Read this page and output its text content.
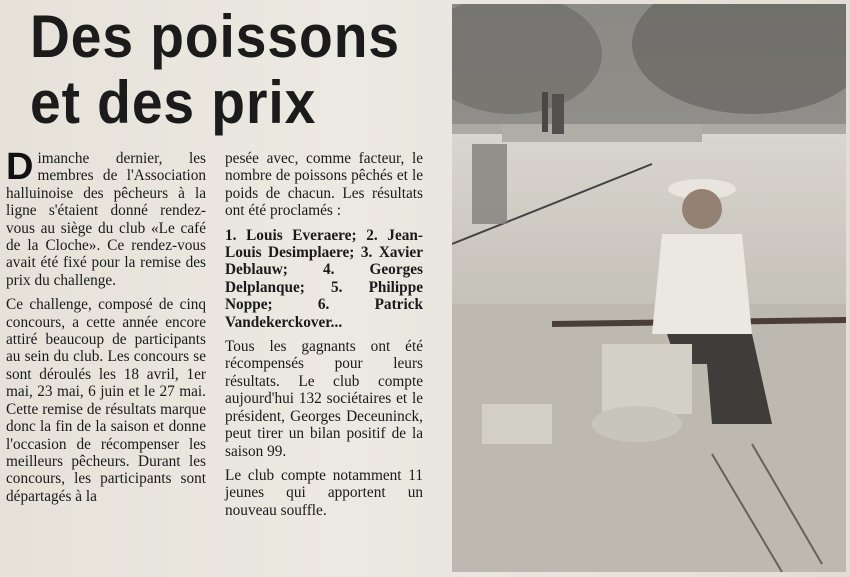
Des poissons
et des prix

D imanche dernier, les membres de l'Association halluinoise des pêcheurs à la ligne s'étaient donné rendez-vous au siège du club «Le café de la Cloche». Ce rendez-vous avait été fixé pour la remise des prix du challenge.

Ce challenge, composé de cinq concours, a cette année encore attiré beaucoup de participants au sein du club. Les concours se sont déroulés les 18 avril, 1er mai, 23 mai, 6 juin et le 27 mai. Cette remise de résultats marque donc la fin de la saison et donne l'occasion de récompenser les meilleurs pêcheurs. Durant les concours, les participants sont départagés à la

pesée avec, comme facteur, le nombre de poissons pêchés et le poids de chacun. Les résultats ont été proclamés :

1. Louis Everaere; 2. Jean-Louis Desimplaere; 3. Xavier Deblauw; 4. Georges Delplanque; 5. Philippe Noppe; 6. Patrick Vandekerckover...

Tous les gagnants ont été récompensés pour leurs résultats. Le club compte aujourd'hui 132 sociétaires et le président, Georges Deceuninck, peut tirer un bilan positif de la saison 99.

Le club compte notamment 11 jeunes qui apportent un nouveau souffle.
